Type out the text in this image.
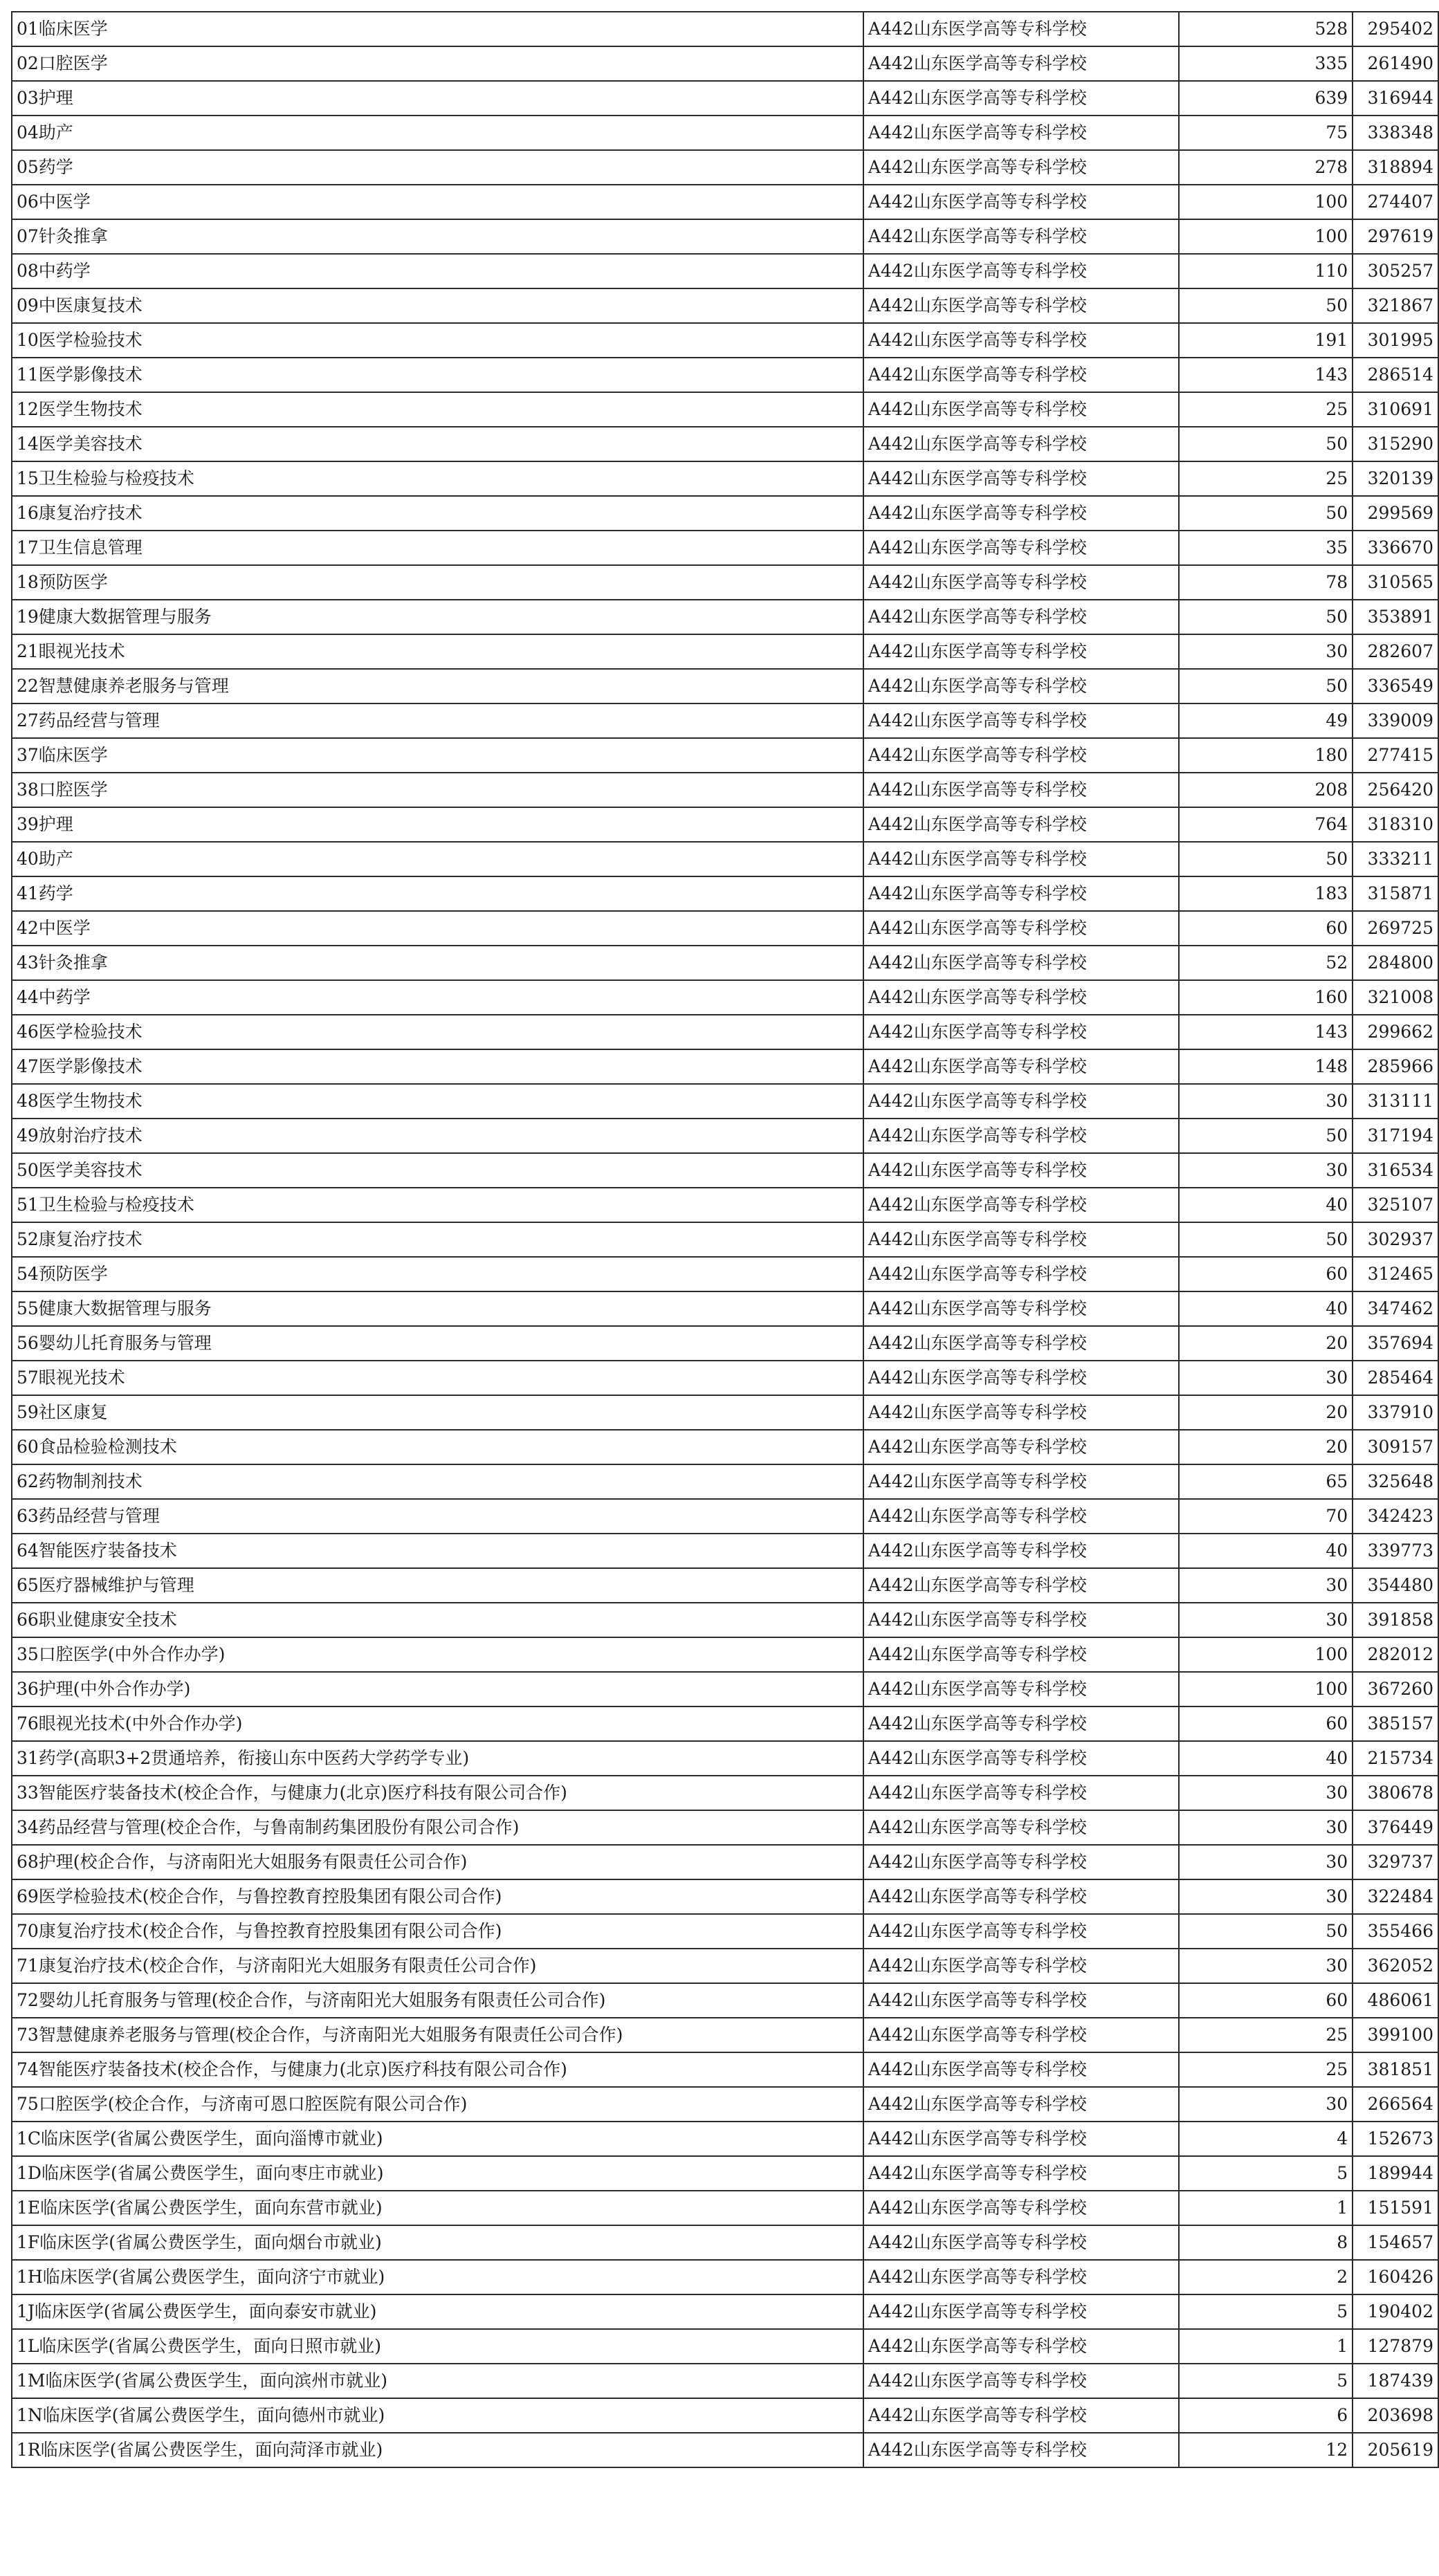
01临床医学	A442山东医学高等专科学校	528	295402
02口腔医学	A442山东医学高等专科学校	335	261490
03护理	A442山东医学高等专科学校	639	316944
04助产	A442山东医学高等专科学校	75	338348
05药学	A442山东医学高等专科学校	278	318894
06中医学	A442山东医学高等专科学校	100	274407
07针灸推拿	A442山东医学高等专科学校	100	297619
08中药学	A442山东医学高等专科学校	110	305257
09中医康复技术	A442山东医学高等专科学校	50	321867
10医学检验技术	A442山东医学高等专科学校	191	301995
11医学影像技术	A442山东医学高等专科学校	143	286514
12医学生物技术	A442山东医学高等专科学校	25	310691
14医学美容技术	A442山东医学高等专科学校	50	315290
15卫生检验与检疫技术	A442山东医学高等专科学校	25	320139
16康复治疗技术	A442山东医学高等专科学校	50	299569
17卫生信息管理	A442山东医学高等专科学校	35	336670
18预防医学	A442山东医学高等专科学校	78	310565
19健康大数据管理与服务	A442山东医学高等专科学校	50	353891
21眼视光技术	A442山东医学高等专科学校	30	282607
22智慧健康养老服务与管理	A442山东医学高等专科学校	50	336549
27药品经营与管理	A442山东医学高等专科学校	49	339009
37临床医学	A442山东医学高等专科学校	180	277415
38口腔医学	A442山东医学高等专科学校	208	256420
39护理	A442山东医学高等专科学校	764	318310
40助产	A442山东医学高等专科学校	50	333211
41药学	A442山东医学高等专科学校	183	315871
42中医学	A442山东医学高等专科学校	60	269725
43针灸推拿	A442山东医学高等专科学校	52	284800
44中药学	A442山东医学高等专科学校	160	321008
46医学检验技术	A442山东医学高等专科学校	143	299662
47医学影像技术	A442山东医学高等专科学校	148	285966
48医学生物技术	A442山东医学高等专科学校	30	313111
49放射治疗技术	A442山东医学高等专科学校	50	317194
50医学美容技术	A442山东医学高等专科学校	30	316534
51卫生检验与检疫技术	A442山东医学高等专科学校	40	325107
52康复治疗技术	A442山东医学高等专科学校	50	302937
54预防医学	A442山东医学高等专科学校	60	312465
55健康大数据管理与服务	A442山东医学高等专科学校	40	347462
56婴幼儿托育服务与管理	A442山东医学高等专科学校	20	357694
57眼视光技术	A442山东医学高等专科学校	30	285464
59社区康复	A442山东医学高等专科学校	20	337910
60食品检验检测技术	A442山东医学高等专科学校	20	309157
62药物制剂技术	A442山东医学高等专科学校	65	325648
63药品经营与管理	A442山东医学高等专科学校	70	342423
64智能医疗装备技术	A442山东医学高等专科学校	40	339773
65医疗器械维护与管理	A442山东医学高等专科学校	30	354480
66职业健康安全技术	A442山东医学高等专科学校	30	391858
35口腔医学(中外合作办学)	A442山东医学高等专科学校	100	282012
36护理(中外合作办学)	A442山东医学高等专科学校	100	367260
76眼视光技术(中外合作办学)	A442山东医学高等专科学校	60	385157
31药学(高职3+2贯通培养，衔接山东中医药大学药学专业)	A442山东医学高等专科学校	40	215734
33智能医疗装备技术(校企合作，与健康力(北京)医疗科技有限公司合作)	A442山东医学高等专科学校	30	380678
34药品经营与管理(校企合作，与鲁南制药集团股份有限公司合作)	A442山东医学高等专科学校	30	376449
68护理(校企合作，与济南阳光大姐服务有限责任公司合作)	A442山东医学高等专科学校	30	329737
69医学检验技术(校企合作，与鲁控教育控股集团有限公司合作)	A442山东医学高等专科学校	30	322484
70康复治疗技术(校企合作，与鲁控教育控股集团有限公司合作)	A442山东医学高等专科学校	50	355466
71康复治疗技术(校企合作，与济南阳光大姐服务有限责任公司合作)	A442山东医学高等专科学校	30	362052
72婴幼儿托育服务与管理(校企合作，与济南阳光大姐服务有限责任公司合作)	A442山东医学高等专科学校	60	486061
73智慧健康养老服务与管理(校企合作，与济南阳光大姐服务有限责任公司合作)	A442山东医学高等专科学校	25	399100
74智能医疗装备技术(校企合作，与健康力(北京)医疗科技有限公司合作)	A442山东医学高等专科学校	25	381851
75口腔医学(校企合作，与济南可恩口腔医院有限公司合作)	A442山东医学高等专科学校	30	266564
1C临床医学(省属公费医学生，面向淄博市就业)	A442山东医学高等专科学校	4	152673
1D临床医学(省属公费医学生，面向枣庄市就业)	A442山东医学高等专科学校	5	189944
1E临床医学(省属公费医学生，面向东营市就业)	A442山东医学高等专科学校	1	151591
1F临床医学(省属公费医学生，面向烟台市就业)	A442山东医学高等专科学校	8	154657
1H临床医学(省属公费医学生，面向济宁市就业)	A442山东医学高等专科学校	2	160426
1J临床医学(省属公费医学生，面向泰安市就业)	A442山东医学高等专科学校	5	190402
1L临床医学(省属公费医学生，面向日照市就业)	A442山东医学高等专科学校	1	127879
1M临床医学(省属公费医学生，面向滨州市就业)	A442山东医学高等专科学校	5	187439
1N临床医学(省属公费医学生，面向德州市就业)	A442山东医学高等专科学校	6	203698
1R临床医学(省属公费医学生，面向菏泽市就业)	A442山东医学高等专科学校	12	205619
